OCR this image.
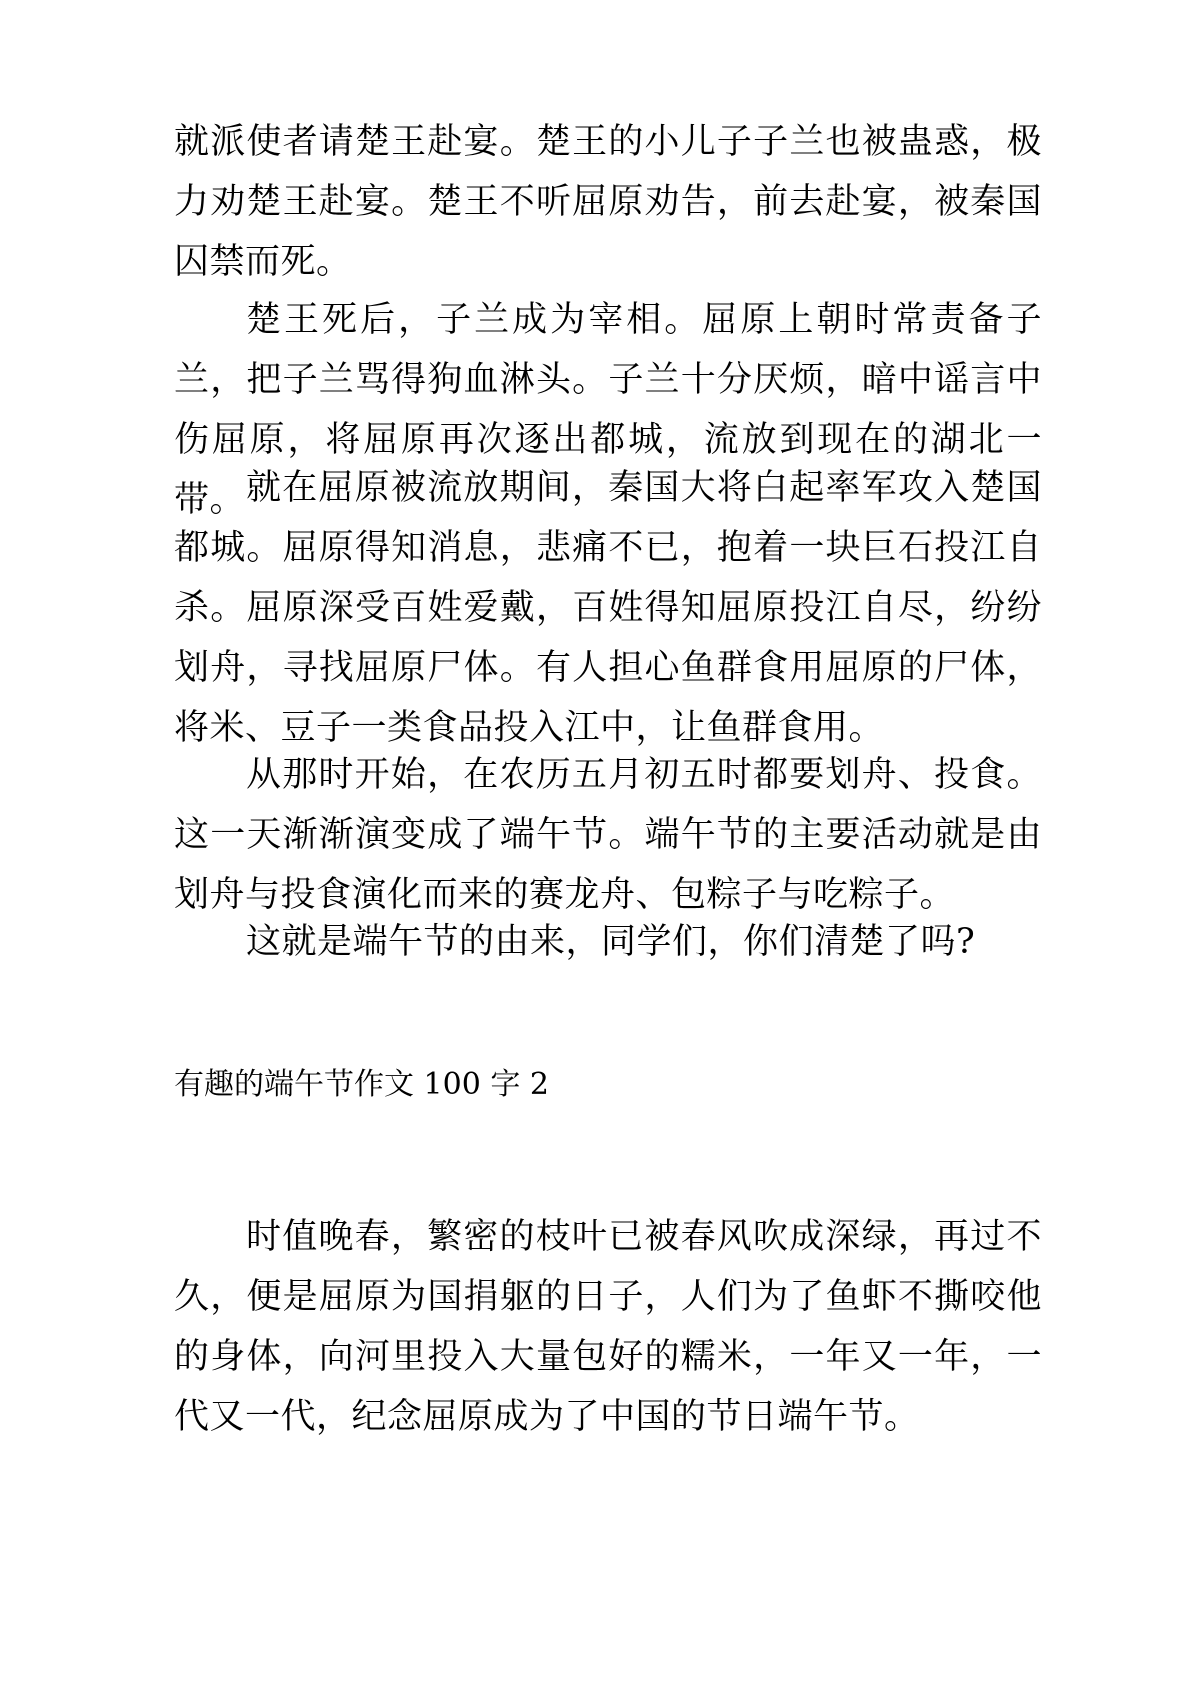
就派使者请楚王赴宴。楚王的小儿子子兰也被蛊惑，极力劝楚王赴宴。楚王不听屈原劝告，前去赴宴，被秦国囚禁而死。

楚王死后，子兰成为宰相。屈原上朝时常责备子兰，把子兰骂得狗血淋头。子兰十分厌烦，暗中谣言中伤屈原，将屈原再次逐出都城，流放到现在的湖北一带。 就在屈原被流放期间，秦国大将白起率军攻入楚国都城。屈原得知消息，悲痛不已，抱着一块巨石投江自杀。屈原深受百姓爱戴，百姓得知屈原投江自尽，纷纷划舟，寻找屈原尸体。有人担心鱼群食用屈原的尸体，将米、豆子一类食品投入江中，让鱼群食用。

从那时开始，在农历五月初五时都要划舟、投食。这一天渐渐演变成了端午节。端午节的主要活动就是由划舟与投食演化而来的赛龙舟、包粽子与吃粽子。

这就是端午节的由来，同学们，你们清楚了吗?

有趣的端午节作文 100 字 2

时值晚春，繁密的枝叶已被春风吹成深绿，再过不久，便是屈原为国捐躯的日子，人们为了鱼虾不撕咬他的身体，向河里投入大量包好的糯米，一年又一年，一代又一代，纪念屈原成为了中国的节日端午节。
